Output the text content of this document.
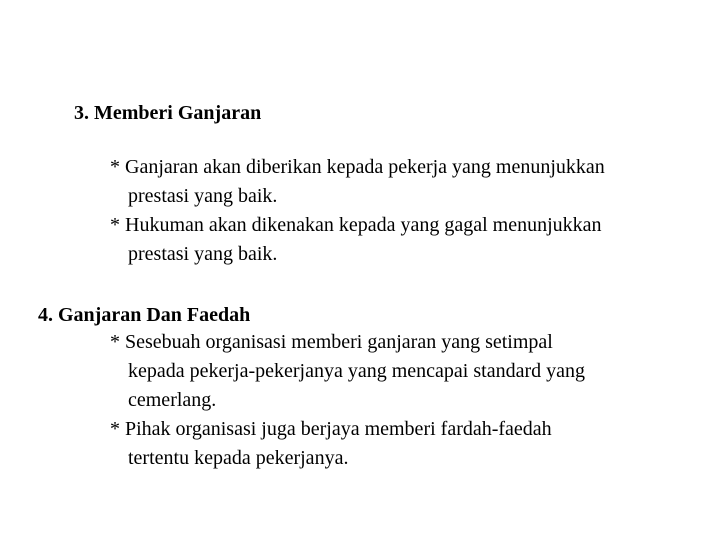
3. Memberi Ganjaran

* Ganjaran akan diberikan kepada pekerja yang menunjukkan
prestasi yang baik.

* Hukuman akan dikenakan kepada yang gagal menunjukkan
prestasi yang baik.

4. Ganjaran Dan Faedah

* Sesebuah organisasi memberi ganjaran yang setimpal
kepada pekerja-pekerjanya yang mencapai standard yang
cemerlang.

* Pihak organisasi juga berjaya memberi fardah-faedah
tertentu kepada pekerjanya.
